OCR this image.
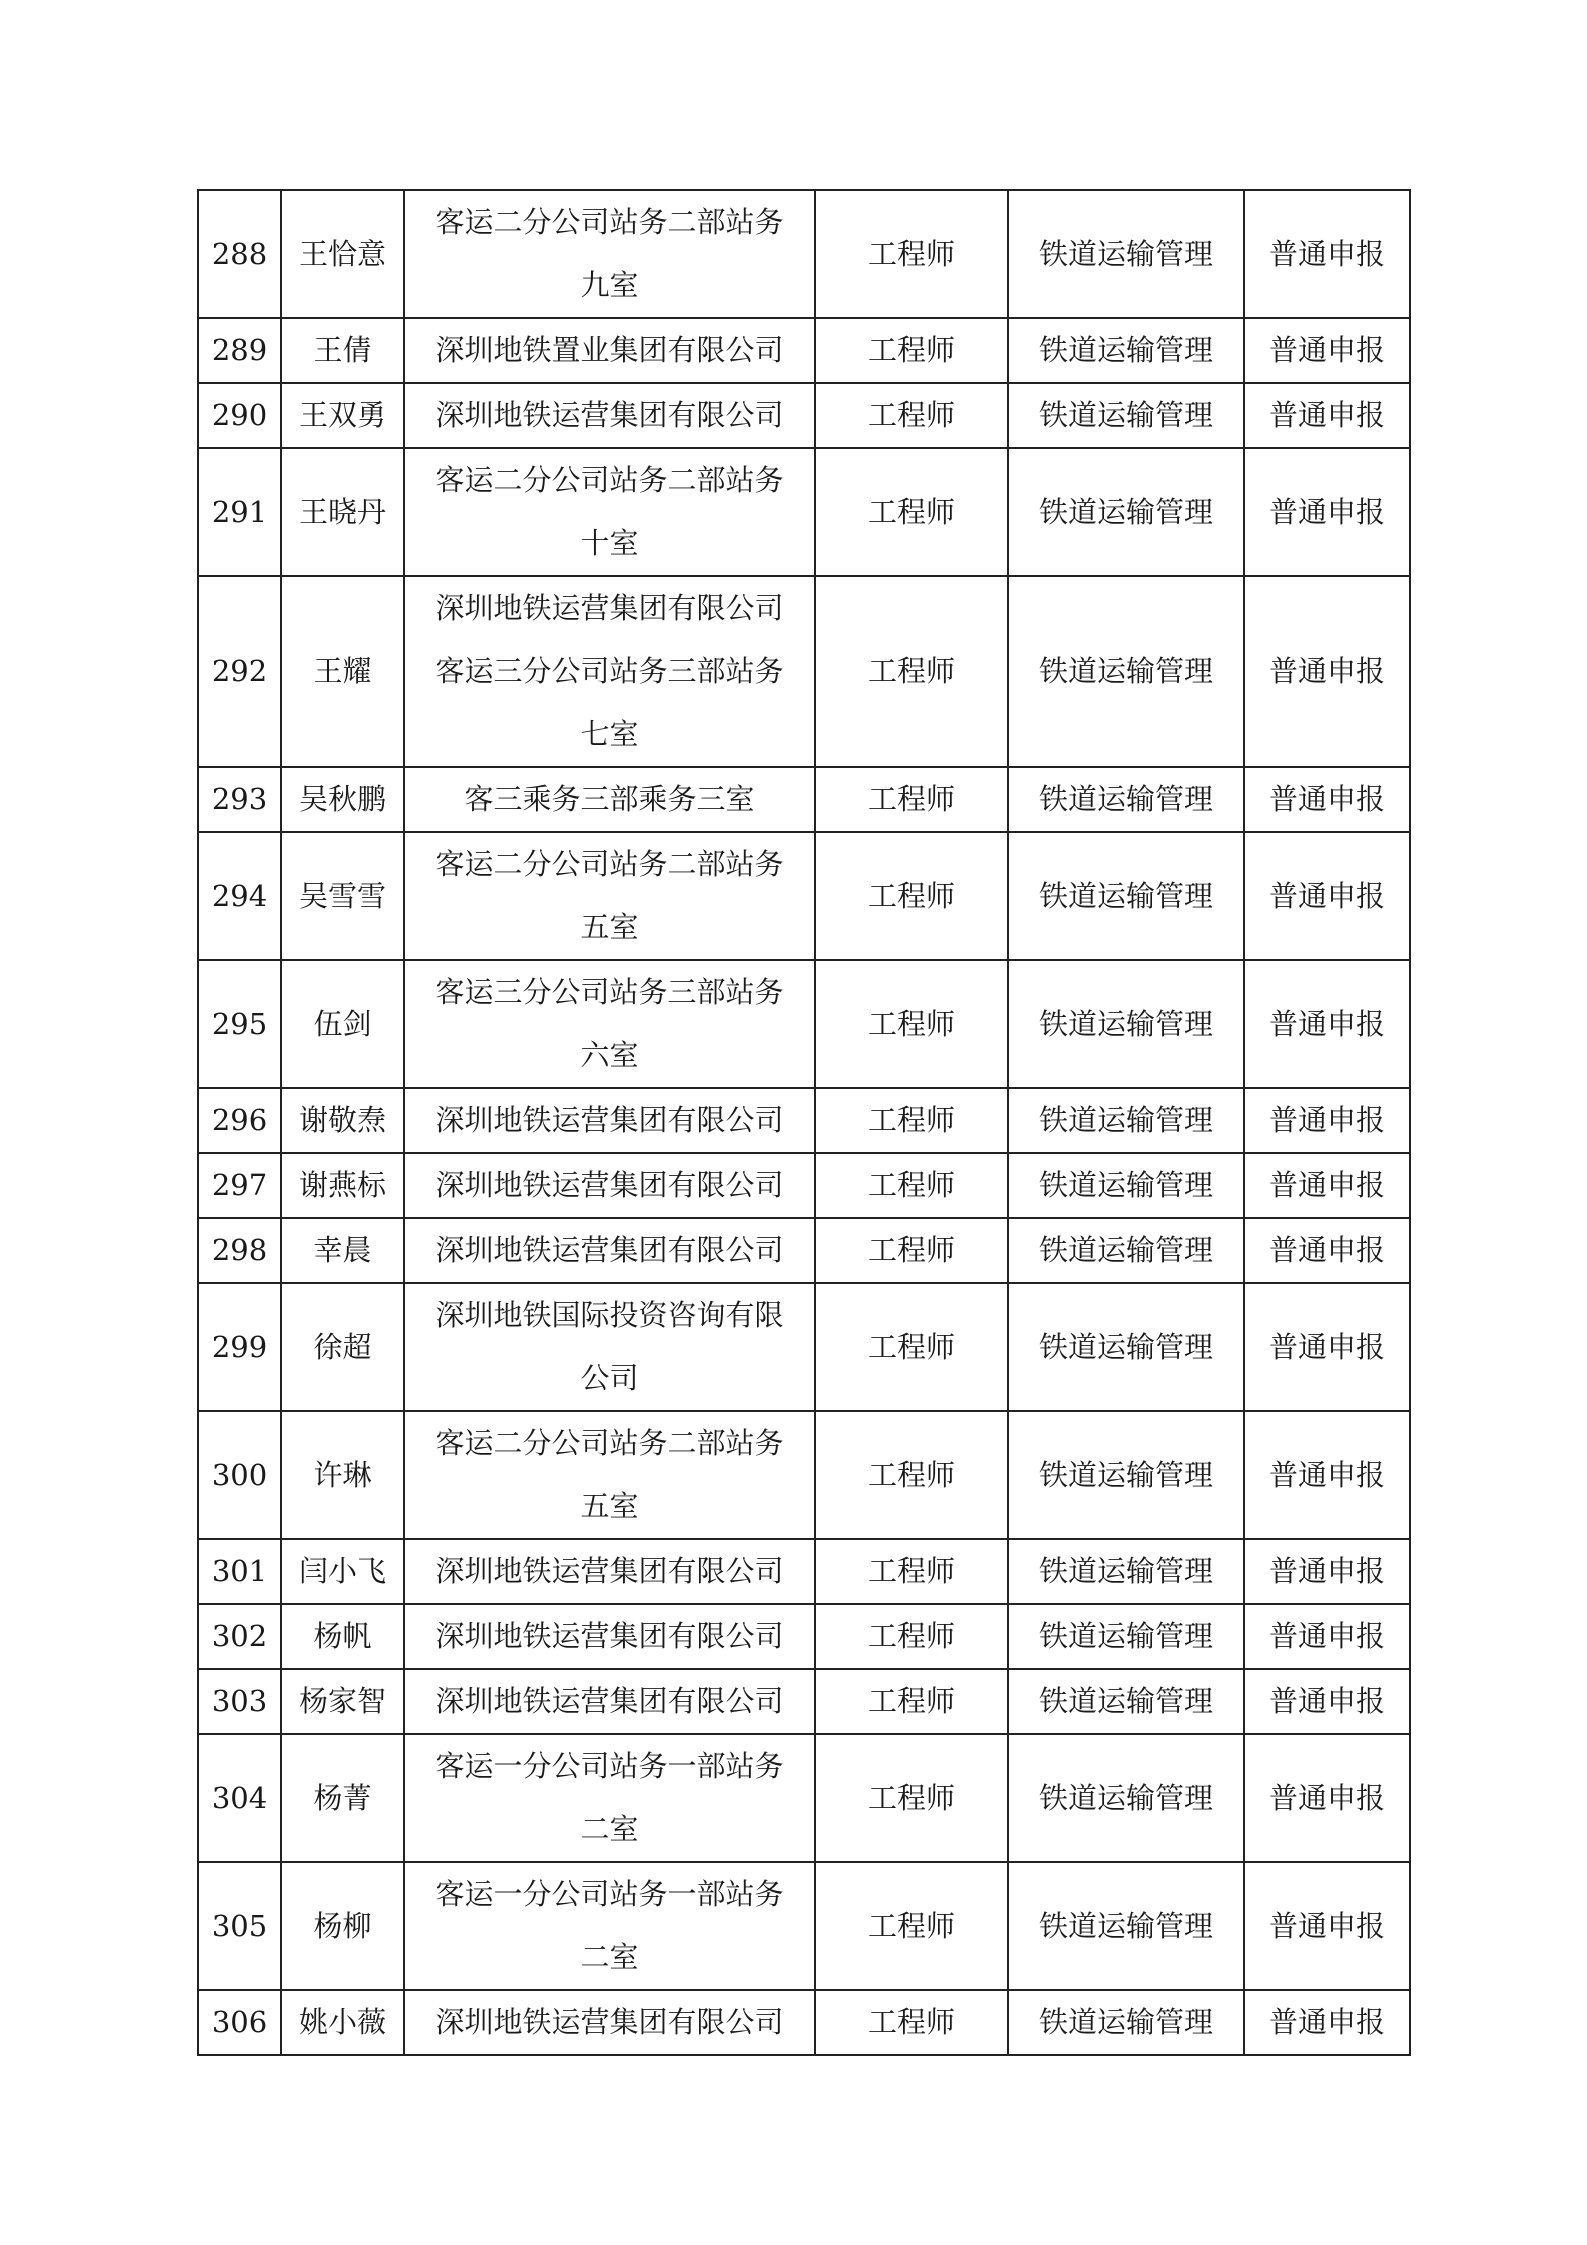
288	王恰意	客运二分公司站务二部站务
九室	工程师	铁道运输管理	普通申报
289	王倩	深圳地铁置业集团有限公司	工程师	铁道运输管理	普通申报
290	王双勇	深圳地铁运营集团有限公司	工程师	铁道运输管理	普通申报
291	王晓丹	客运二分公司站务二部站务
十室	工程师	铁道运输管理	普通申报
292	王耀	深圳地铁运营集团有限公司
客运三分公司站务三部站务
七室	工程师	铁道运输管理	普通申报
293	吴秋鹏	客三乘务三部乘务三室	工程师	铁道运输管理	普通申报
294	吴雪雪	客运二分公司站务二部站务
五室	工程师	铁道运输管理	普通申报
295	伍剑	客运三分公司站务三部站务
六室	工程师	铁道运输管理	普通申报
296	谢敬焘	深圳地铁运营集团有限公司	工程师	铁道运输管理	普通申报
297	谢燕标	深圳地铁运营集团有限公司	工程师	铁道运输管理	普通申报
298	幸晨	深圳地铁运营集团有限公司	工程师	铁道运输管理	普通申报
299	徐超	深圳地铁国际投资咨询有限
公司	工程师	铁道运输管理	普通申报
300	许琳	客运二分公司站务二部站务
五室	工程师	铁道运输管理	普通申报
301	闫小飞	深圳地铁运营集团有限公司	工程师	铁道运输管理	普通申报
302	杨帆	深圳地铁运营集团有限公司	工程师	铁道运输管理	普通申报
303	杨家智	深圳地铁运营集团有限公司	工程师	铁道运输管理	普通申报
304	杨菁	客运一分公司站务一部站务
二室	工程师	铁道运输管理	普通申报
305	杨柳	客运一分公司站务一部站务
二室	工程师	铁道运输管理	普通申报
306	姚小薇	深圳地铁运营集团有限公司	工程师	铁道运输管理	普通申报
